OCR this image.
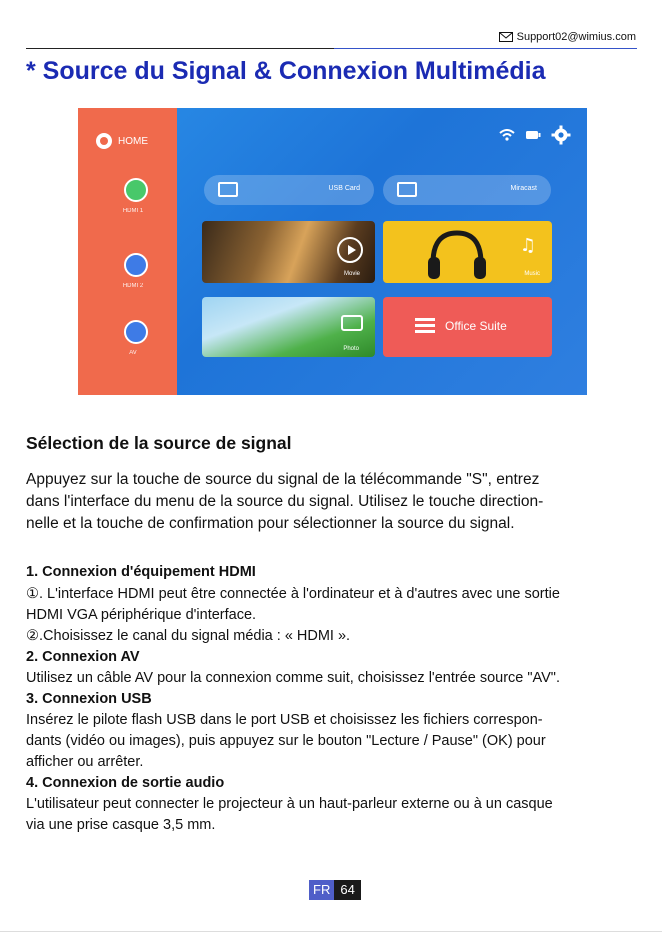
Support02@wimius.com
* Source du Signal & Connexion Multimédia
HOME
HDMI 1
HDMI 2
AV
USB Card	Miracast
Movie
♫
Music
Photo
Office Suite
Sélection de la source de signal
Appuyez sur la touche de source du signal de la télécommande "S", entrez
dans l'interface du menu de la source du signal. Utilisez le touche direction-
nelle et la touche de confirmation pour sélectionner la source du signal.
1. Connexion d'équipement HDMI
①. L'interface HDMI peut être connectée à l'ordinateur et à d'autres avec une sortie
HDMI VGA périphérique d'interface.
②.Choisissez le canal du signal média : « HDMI ».
2. Connexion AV
Utilisez un câble AV pour la connexion comme suit, choisissez l'entrée source "AV".
3. Connexion USB
Insérez le pilote flash USB dans le port USB et choisissez les fichiers correspon-
dants (vidéo ou images), puis appuyez sur le bouton "Lecture / Pause" (OK) pour
afficher ou arrêter.
4. Connexion de sortie audio
L'utilisateur peut connecter le projecteur à un haut-parleur externe ou à un casque
via une prise casque 3,5 mm.
FR 64
